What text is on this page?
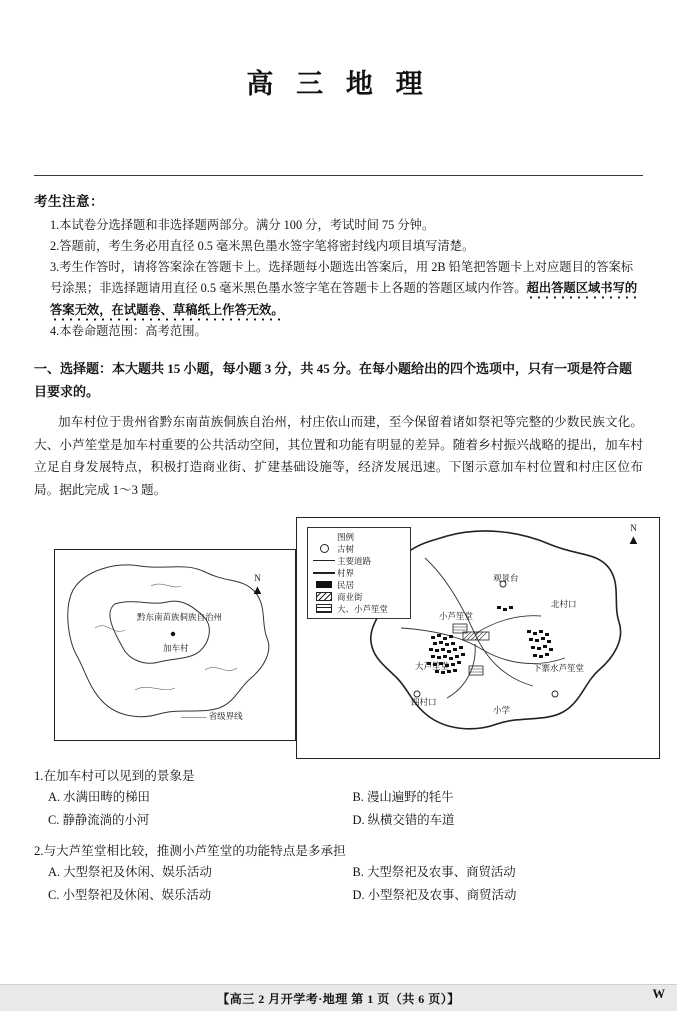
高 三 地 理
考生注意：
1.本试卷分选择题和非选择题两部分。满分 100 分，考试时间 75 分钟。
2.答题前，考生务必用直径 0.5 毫米黑色墨水签字笔将密封线内项目填写清楚。
3.考生作答时，请将答案涂在答题卡上。选择题每小题选出答案后，用 2B 铅笔把答题卡上对应题目的答案标号涂黑；非选择题请用直径 0.5 毫米黑色墨水签字笔在答题卡上各题的答题区域内作答。超出答题区域书写的答案无效，在试题卷、草稿纸上作答无效。
4.本卷命题范围：高考范围。
一、选择题：本大题共 15 小题，每小题 3 分，共 45 分。在每小题给出的四个选项中，只有一项是符合题目要求的。
加车村位于贵州省黔东南苗族侗族自治州，村庄依山而建，至今保留着诸如祭祀等完整的少数民族文化。大、小芦笙堂是加车村重要的公共活动空间，其位置和功能有明显的差异。随着乡村振兴战略的提出，加车村立足自身发展特点，积极打造商业街、扩建基础设施等，经济发展迅速。下图示意加车村位置和村庄区位布局。据此完成 1～3 题。
N
▲
黔东南苗族侗族自治州
加车村
——— 省级界线
图例
古树
主要道路
村界
民居
商业街
大、小芦笙堂
N
▲
观景台
北村口
小芦笙堂
大芦笙堂	下寨水芦笙堂
四村口
小学
1.在加车村可以见到的景象是
A. 水满田畴的梯田
C. 静静流淌的小河
B. 漫山遍野的牦牛
D. 纵横交错的车道
2.与大芦笙堂相比较，推测小芦笙堂的功能特点是多承担
A. 大型祭祀及休闲、娱乐活动
C. 小型祭祀及休闲、娱乐活动
B. 大型祭祀及农事、商贸活动
D. 小型祭祀及农事、商贸活动
【高三 2 月开学考·地理 第 1 页（共 6 页）】	W
